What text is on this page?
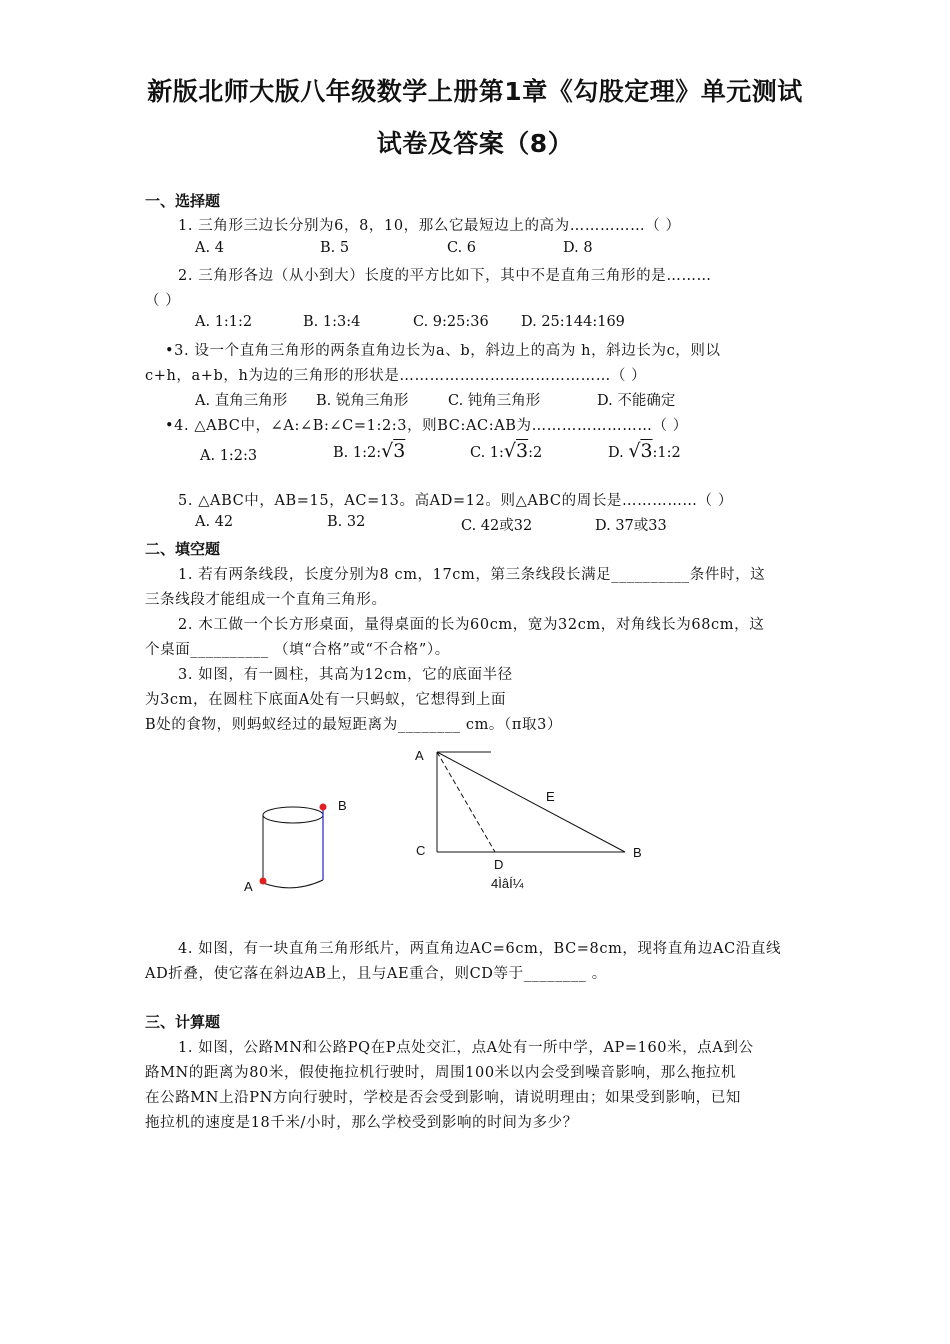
新版北师大版八年级数学上册第1章《勾股定理》单元测试
试卷及答案（8）
一、选择题
1. 三角形三边长分别为6，8，10，那么它最短边上的高为……………（ ）
A. 4	B. 5	C. 6	D. 8
2. 三角形各边（从小到大）长度的平方比如下，其中不是直角三角形的是………
（ ）
A. 1:1:2	B. 1:3:4	C. 9:25:36 D. 25:144:169
•3. 设一个直角三角形的两条直角边长为a、b，斜边上的高为 h，斜边长为c，则以
c+h，a+b，h为边的三角形的形状是……………………………………（ ）
A. 直角三角形 B. 锐角三角形	C. 钝角三角形	D. 不能确定
•4. △ABC中，∠A:∠B:∠C=1:2:3，则BC:AC:AB为……………………（ ）
A. 1:2:3	B. 1:2:√3	C. 1:√3:2	D. √3:1:2
5. △ABC中，AB=15，AC=13。高AD=12。则△ABC的周长是……………（ ）
A. 42	B. 32	C. 42或32	D. 37或33
二、填空题
1. 若有两条线段，长度分别为8 cm，17cm，第三条线段长满足__________条件时，这
三条线段才能组成一个直角三角形。
2. 木工做一个长方形桌面，量得桌面的长为60cm，宽为32cm，对角线长为68cm，这
个桌面__________ （填“合格”或“不合格”）。
3. 如图，有一圆柱，其高为12cm，它的底面半径
为3cm，在圆柱下底面A处有一只蚂蚁，它想得到上面
B处的食物，则蚂蚁经过的最短距离为________ cm。（π取3）
B
A
A
E
C	B
D
4ÌâÍ¼
4. 如图，有一块直角三角形纸片，两直角边AC=6cm，BC=8cm，现将直角边AC沿直线
AD折叠，使它落在斜边AB上，且与AE重合，则CD等于________ 。
三、计算题
1. 如图，公路MN和公路PQ在P点处交汇，点A处有一所中学，AP=160米，点A到公
路MN的距离为80米，假使拖拉机行驶时，周围100米以内会受到噪音影响，那么拖拉机
在公路MN上沿PN方向行驶时，学校是否会受到影响，请说明理由；如果受到影响，已知
拖拉机的速度是18千米/小时，那么学校受到影响的时间为多少？
